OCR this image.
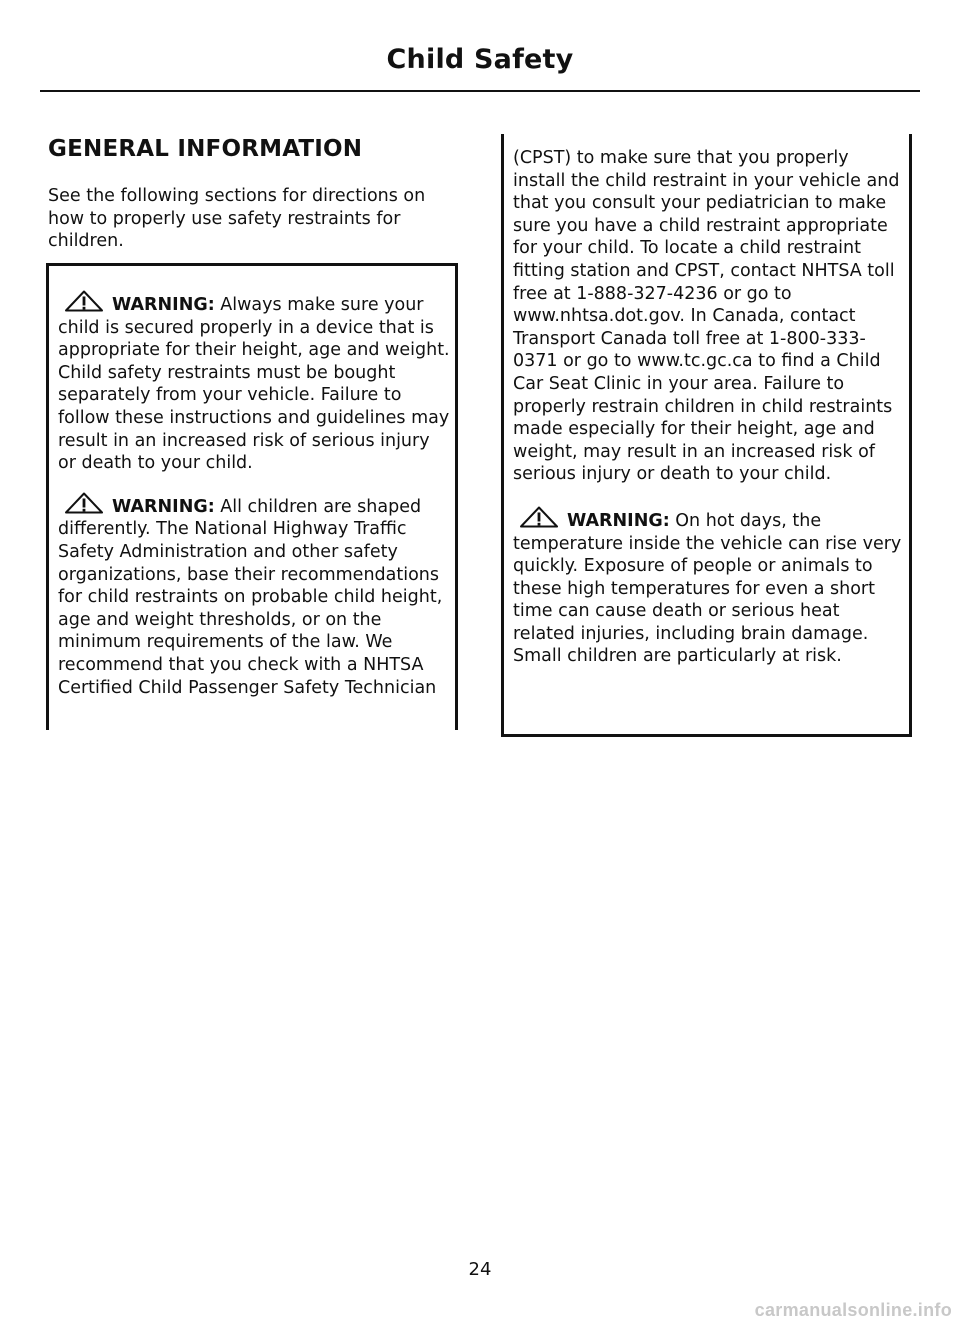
Child Safety
GENERAL INFORMATION

See the following sections for directions on how to properly use safety restraints for children.

WARNING: Always make sure your child is secured properly in a device that is appropriate for their height, age and weight. Child safety restraints must be bought separately from your vehicle. Failure to follow these instructions and guidelines may result in an increased risk of serious injury or death to your child.

WARNING: All children are shaped differently. The National Highway Traffic Safety Administration and other safety organizations, base their recommendations for child restraints on probable child height, age and weight thresholds, or on the minimum requirements of the law. We recommend that you check with a NHTSA Certified Child Passenger Safety Technician

(CPST) to make sure that you properly install the child restraint in your vehicle and that you consult your pediatrician to make sure you have a child restraint appropriate for your child. To locate a child restraint fitting station and CPST, contact NHTSA toll free at 1-888-327-4236 or go to www.nhtsa.dot.gov. In Canada, contact Transport Canada toll free at 1-800-333-0371 or go to www.tc.gc.ca to find a Child Car Seat Clinic in your area. Failure to properly restrain children in child restraints made especially for their height, age and weight, may result in an increased risk of serious injury or death to your child.

WARNING: On hot days, the temperature inside the vehicle can rise very quickly. Exposure of people or animals to these high temperatures for even a short time can cause death or serious heat related injuries, including brain damage. Small children are particularly at risk.

24
carmanualsonline.info
